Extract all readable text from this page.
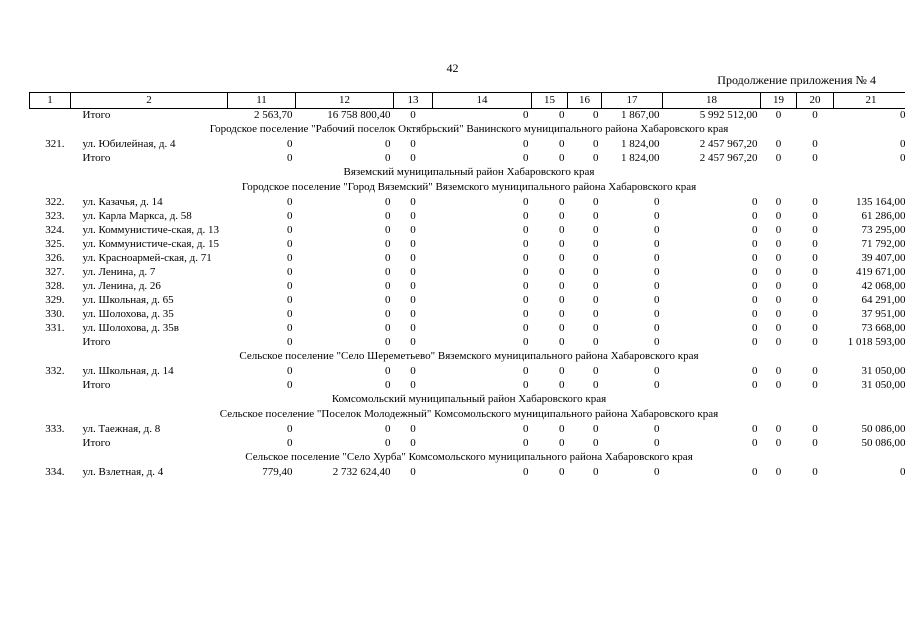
42
Продолжение приложения № 4
1	2	11	12	13	14	15	16	17	18	19	20	21
	Итого	2 563,70	16 758 800,40	0	0	0	0	1 867,00	5 992 512,00	0	0	0
Городское поселение "Рабочий поселок Октябрьский" Ванинского муниципального района Хабаровского края												
321.	ул. Юбилейная, д. 4	0	0	0	0	0	0	1 824,00	2 457 967,20	0	0	0
	Итого	0	0	0	0	0	0	1 824,00	2 457 967,20	0	0	0
Вяземский муниципальный район Хабаровского края												
Городское поселение "Город Вяземский" Вяземского муниципального района Хабаровского края												
322.	ул. Казачья, д. 14	0	0	0	0	0	0	0	0	0	0	135 164,00
323.	ул. Карла Маркса, д. 58	0	0	0	0	0	0	0	0	0	0	61 286,00
324.	ул. Коммунистиче-ская, д. 13	0	0	0	0	0	0	0	0	0	0	73 295,00
325.	ул. Коммунистиче-ская, д. 15	0	0	0	0	0	0	0	0	0	0	71 792,00
326.	ул. Красноармей-ская, д. 71	0	0	0	0	0	0	0	0	0	0	39 407,00
327.	ул. Ленина, д. 7	0	0	0	0	0	0	0	0	0	0	419 671,00
328.	ул. Ленина, д. 26	0	0	0	0	0	0	0	0	0	0	42 068,00
329.	ул. Школьная, д. 65	0	0	0	0	0	0	0	0	0	0	64 291,00
330.	ул. Шолохова, д. 35	0	0	0	0	0	0	0	0	0	0	37 951,00
331.	ул. Шолохова, д. 35в	0	0	0	0	0	0	0	0	0	0	73 668,00
	Итого	0	0	0	0	0	0	0	0	0	0	1 018 593,00
Сельское поселение "Село Шереметьево" Вяземского муниципального района Хабаровского края												
332.	ул. Школьная, д. 14	0	0	0	0	0	0	0	0	0	0	31 050,00
	Итого	0	0	0	0	0	0	0	0	0	0	31 050,00
Комсомольский муниципальный район Хабаровского края												
Сельское поселение "Поселок Молодежный" Комсомольского муниципального района Хабаровского края												
333.	ул. Таежная, д. 8	0	0	0	0	0	0	0	0	0	0	50 086,00
	Итого	0	0	0	0	0	0	0	0	0	0	50 086,00
Сельское поселение "Село Хурба" Комсомольского муниципального района Хабаровского края												
334.	ул. Взлетная, д. 4	779,40	2 732 624,40	0	0	0	0	0	0	0	0	0
